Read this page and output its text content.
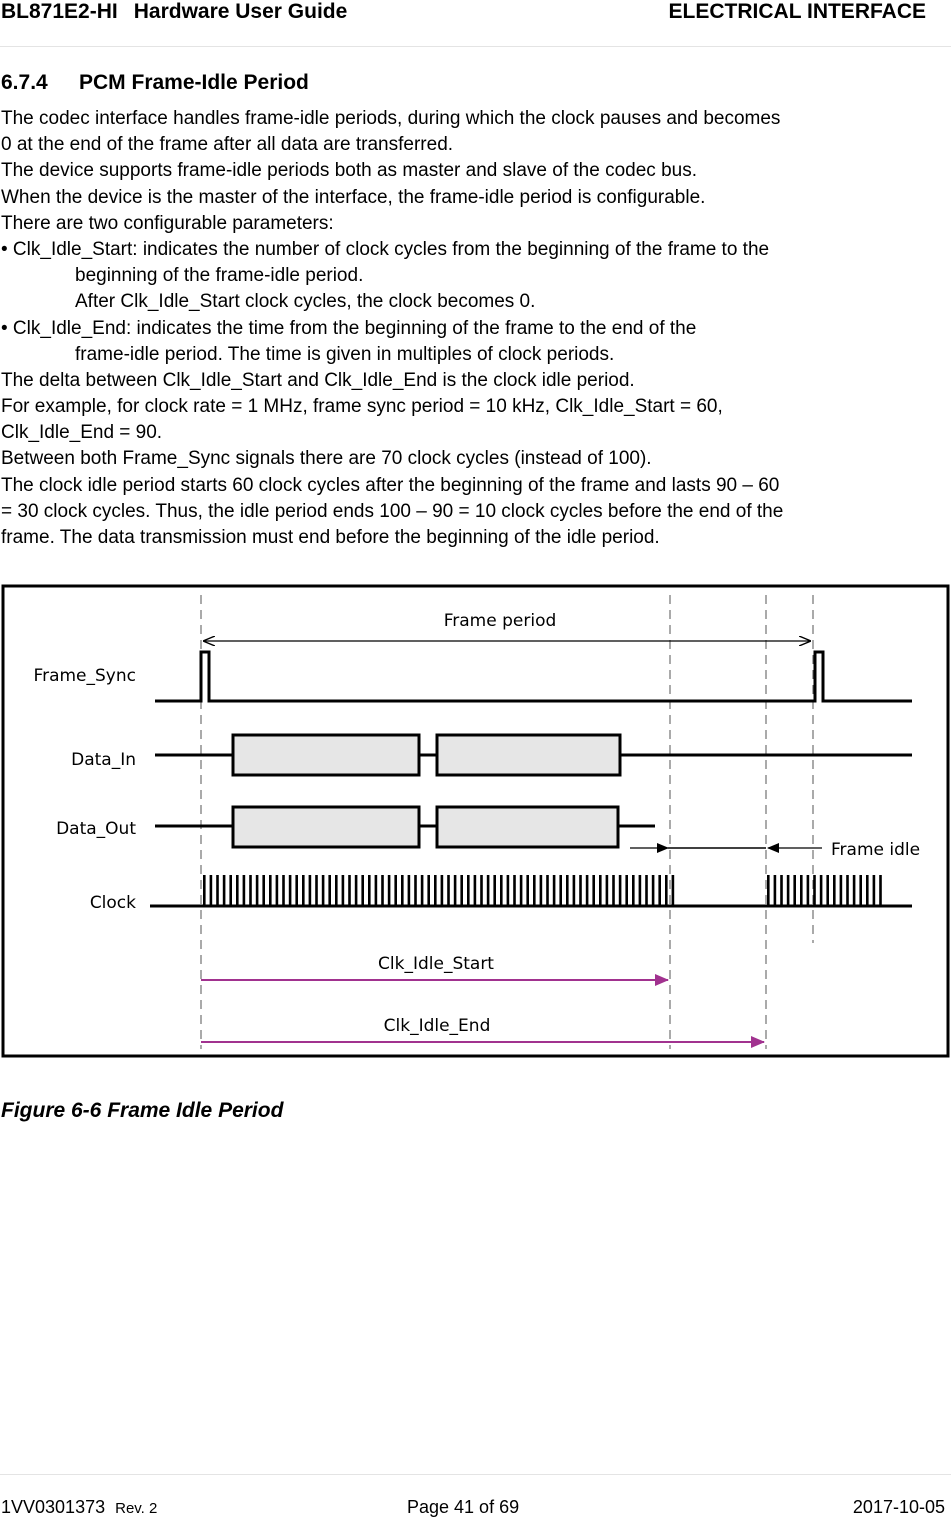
BL871E2-HI Hardware User Guide	ELECTRICAL INTERFACE
6.7.4 PCM Frame-Idle Period
The codec interface handles frame-idle periods, during which the clock pauses and becomes
0 at the end of the frame after all data are transferred.
The device supports frame-idle periods both as master and slave of the codec bus.
When the device is the master of the interface, the frame-idle period is configurable.
There are two configurable parameters:
• Clk_Idle_Start: indicates the number of clock cycles from the beginning of the frame to the
beginning of the frame-idle period.
After Clk_Idle_Start clock cycles, the clock becomes 0.
• Clk_Idle_End: indicates the time from the beginning of the frame to the end of the
frame-idle period. The time is given in multiples of clock periods.
The delta between Clk_Idle_Start and Clk_Idle_End is the clock idle period.
For example, for clock rate = 1 MHz, frame sync period = 10 kHz, Clk_Idle_Start = 60,
Clk_Idle_End = 90.
Between both Frame_Sync signals there are 70 clock cycles (instead of 100).
The clock idle period starts 60 clock cycles after the beginning of the frame and lasts 90 – 60
= 30 clock cycles. Thus, the idle period ends 100 – 90 = 10 clock cycles before the end of the
frame. The data transmission must end before the beginning of the idle period.
Frame period
Frame_Sync
Data_In
Data_Out
Frame idle
Clock
Clk_Idle_Start
Clk_Idle_End
Figure 6-6 Frame Idle Period
1VV0301373 Rev. 2	Page 41 of 69	2017-10-05
